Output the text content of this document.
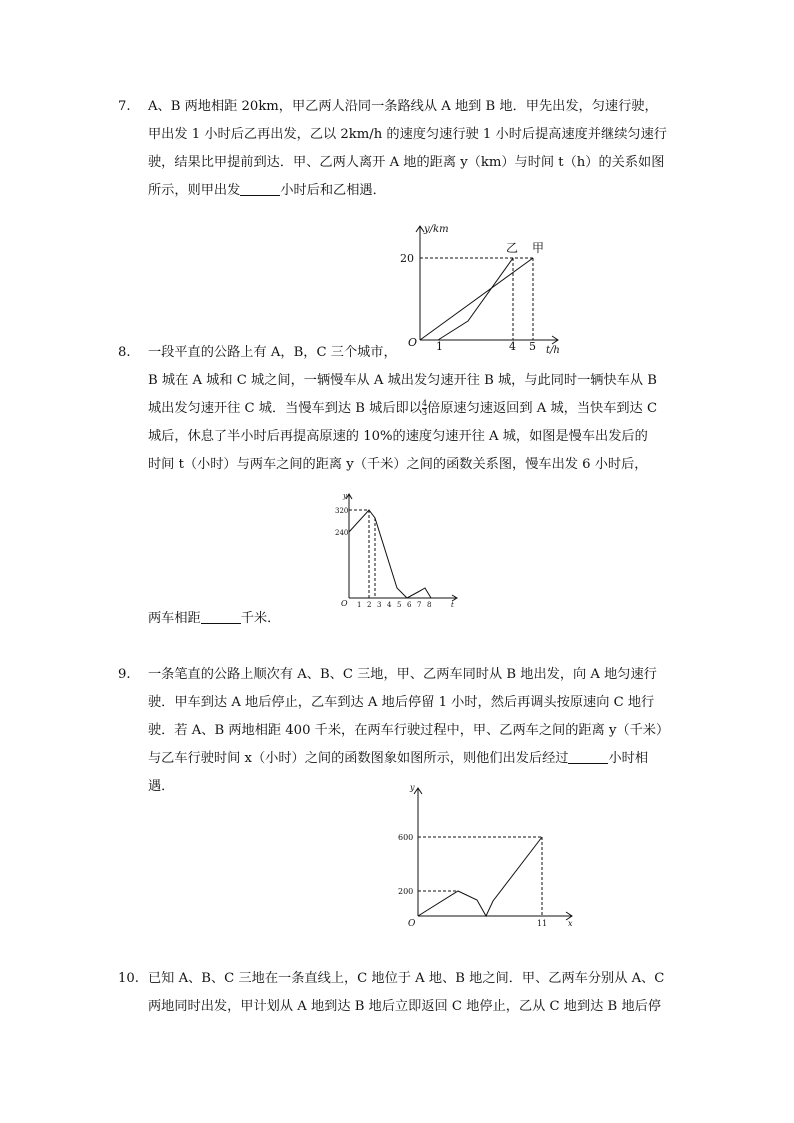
7.	A、B 两地相距 20km，甲乙两人沿同一条路线从 A 地到 B 地．甲先出发，匀速行驶，
甲出发 1 小时后乙再出发，乙以 2km/h 的速度匀速行驶 1 小时后提高速度并继续匀速行
驶，结果比甲提前到达．甲、乙两人离开 A 地的距离 y（km）与时间 t（h）的关系如图
所示，则甲出发	小时后和乙相遇．
y/km
20
O 1	4 5 t/h
乙 甲
8.	一段平直的公路上有 A，B，C 三个城市，
B 城在 A 城和 C 城之间，一辆慢车从 A 城出发匀速开往 B 城，与此同时一辆快车从 B
城出发匀速开往 C 城．当慢车到达 B 城后即以 $\frac{4}{3}$ 倍原速匀速返回到 A 城，当快车到达 C
城后，休息了半小时后再提高原速的 10%的速度匀速开往 A 城，如图是慢车出发后的
时间 t（小时）与两车之间的距离 y（千米）之间的函数关系图，慢车出发 6 小时后，
y
320
240
O 1 2 3 4 5 6 7 8	t
两车相距	千米．
9.	一条笔直的公路上顺次有 A、B、C 三地，甲、乙两车同时从 B 地出发，向 A 地匀速行
驶．甲车到达 A 地后停止，乙车到达 A 地后停留 1 小时，然后再调头按原速向 C 地行
驶．若 A、B 两地相距 400 千米，在两车行驶过程中，甲、乙两车之间的距离 y（千米）
与乙车行驶时间 x（小时）之间的函数图象如图所示，则他们出发后经过	小时相
遇．	y
600
200
O	11	x
10. 已知 A、B、C 三地在一条直线上，C 地位于 A 地、B 地之间．甲、乙两车分别从 A、C
两地同时出发，甲计划从 A 地到达 B 地后立即返回 C 地停止，乙从 C 地到达 B 地后停
